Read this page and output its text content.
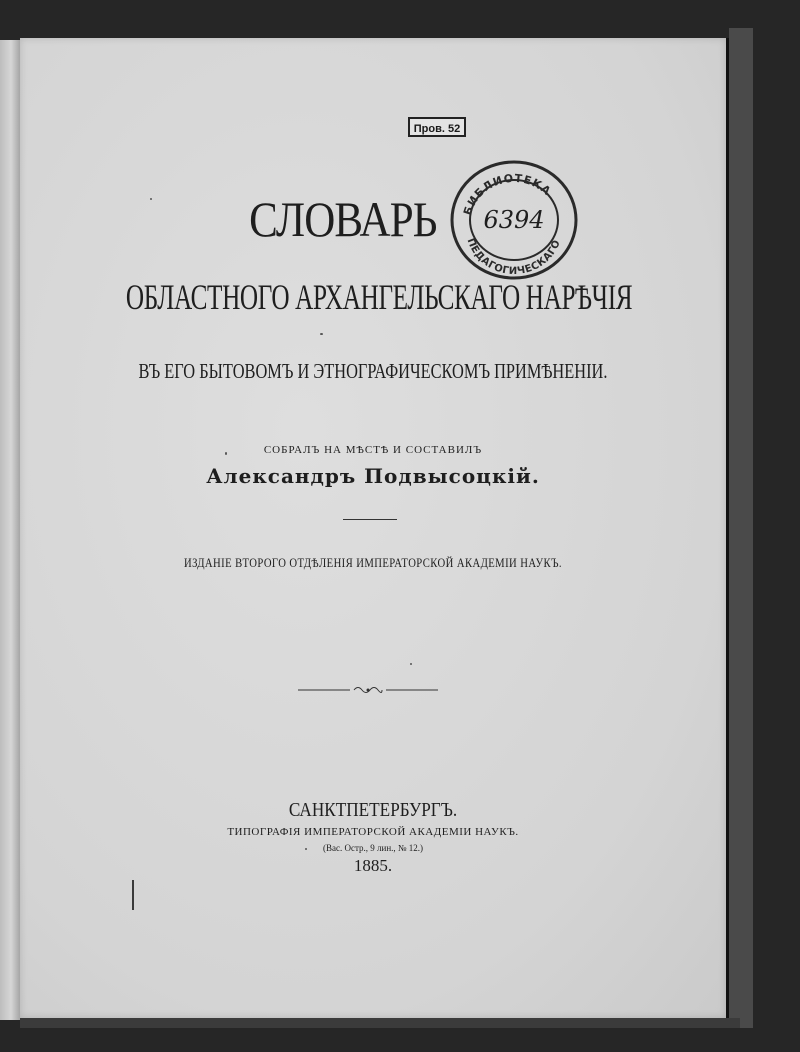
Пров. 52
БИБЛИОТЕКА
ПЕДАГОГИЧЕСКАГО
6394
СЛОВАРЬ
ОБЛАСТНОГО АРХАНГЕЛЬСКАГО НАРѢЧІЯ
ВЪ ЕГО БЫТОВОМЪ И ЭТНОГРАФИЧЕСКОМЪ ПРИМѢНЕНІИ.
СОБРАЛЪ НА МѢСТѢ И СОСТАВИЛЪ
Александръ Подвысоцкій.
ИЗДАНІЕ ВТОРОГО ОТДѢЛЕНІЯ ИМПЕРАТОРСКОЙ АКАДЕМІИ НАУКЪ.
САНКТПЕТЕРБУРГЪ.
ТИПОГРАФІЯ ИМПЕРАТОРСКОЙ АКАДЕМІИ НАУКЪ.
(Вас. Остр., 9 лин., № 12.)
1885.
